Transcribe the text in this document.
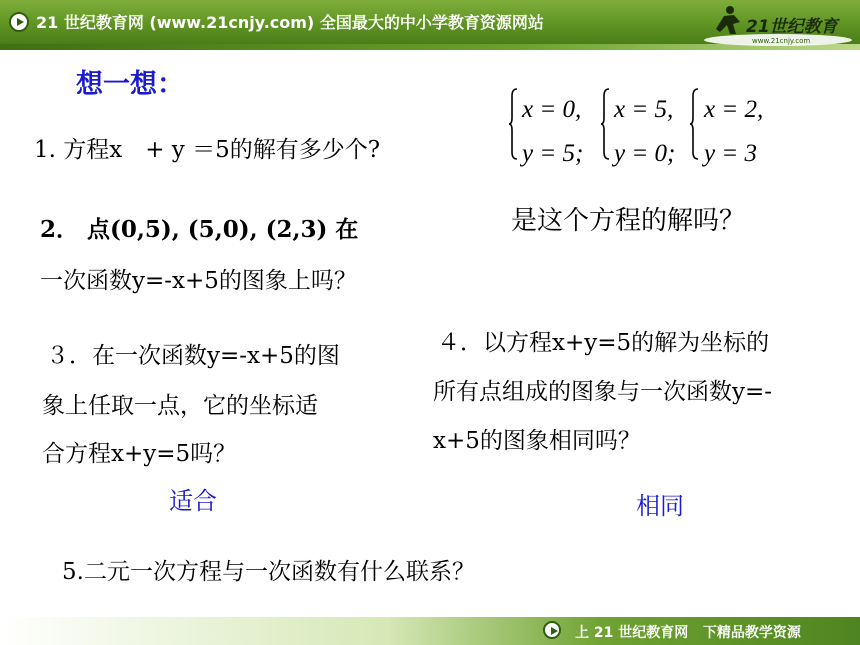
21 世纪教育网 (www.21cnjy.com) 全国最大的中小学教育资源网站	21世纪教育
www.21cnjy.com
想一想：
1. 方程x　+ y ＝5的解有多少个?
x = 0, x = 5, x = 2,
y = 5; y = 0; y = 3
是这个方程的解吗？
2． 点(0,5), (5,0), (2,3) 在
一次函数y=-x+5的图象上吗？
３．在一次函数y=-x+5的图
象上任取一点，它的坐标适
合方程x+y=5吗？
适合
４．以方程x+y=5的解为坐标的
所有点组成的图象与一次函数y=-
x+5的图象相同吗？
相同
5.二元一次方程与一次函数有什么联系？
上 21 世纪教育网   下精品教学资源
